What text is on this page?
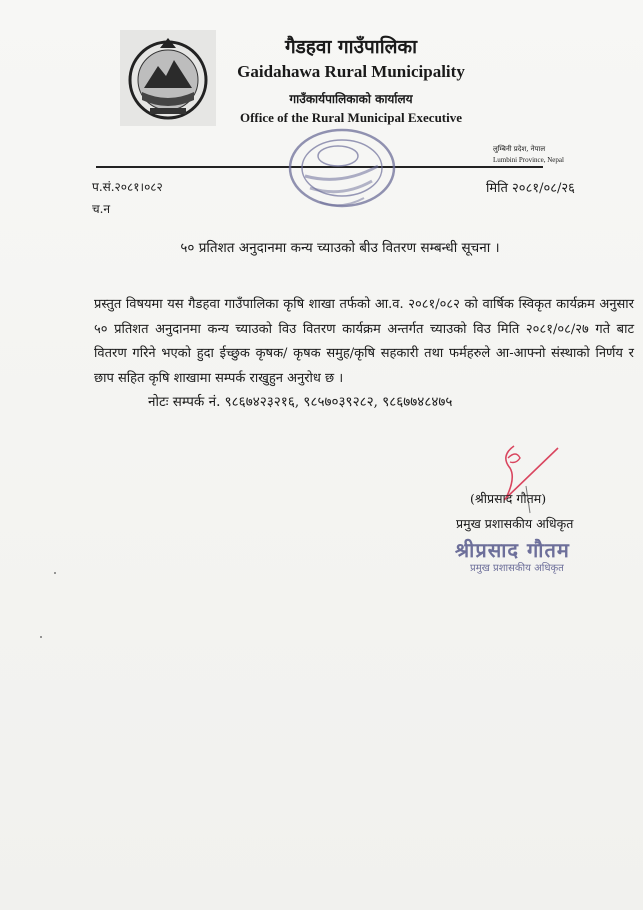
गैडहवा गाउँपालिका
Gaidahawa Rural Municipality
गाउँकार्यपालिकाको कार्यालय
Office of the Rural Municipal Executive
लुम्बिनी प्रदेश, नेपाल
Lumbini Province, Nepal
प.सं.२०८१।०८२
च.न
मिति २०८१/०८/२६
५० प्रतिशत अनुदानमा कन्य च्याउको बीउ वितरण सम्बन्धी सूचना ।
प्रस्तुत विषयमा यस गैडहवा गाउँपालिका कृषि शाखा तर्फको आ.व. २०८१/०८२ को वार्षिक स्विकृत कार्यक्रम अनुसार ५० प्रतिशत अनुदानमा कन्य च्याउको विउ वितरण कार्यक्रम अन्तर्गत च्याउको विउ मिति २०८१/०८/२७ गते बाट वितरण गरिने भएको हुदा ईच्छुक कृषक/ कृषक समुह/कृषि सहकारी तथा फर्महरुले आ-आफ्नो संस्थाको निर्णय र छाप सहित कृषि शाखामा सम्पर्क राखुहुन अनुरोध छ ।
नोटः सम्पर्क नं. ९८६७४२३२१६, ९८५७०३९२८२, ९८६७७४८४७५
(श्रीप्रसाद गौतम)
प्रमुख प्रशासकीय अधिकृत
श्रीप्रसाद गौतम
प्रमुख प्रशासकीय अधिकृत
